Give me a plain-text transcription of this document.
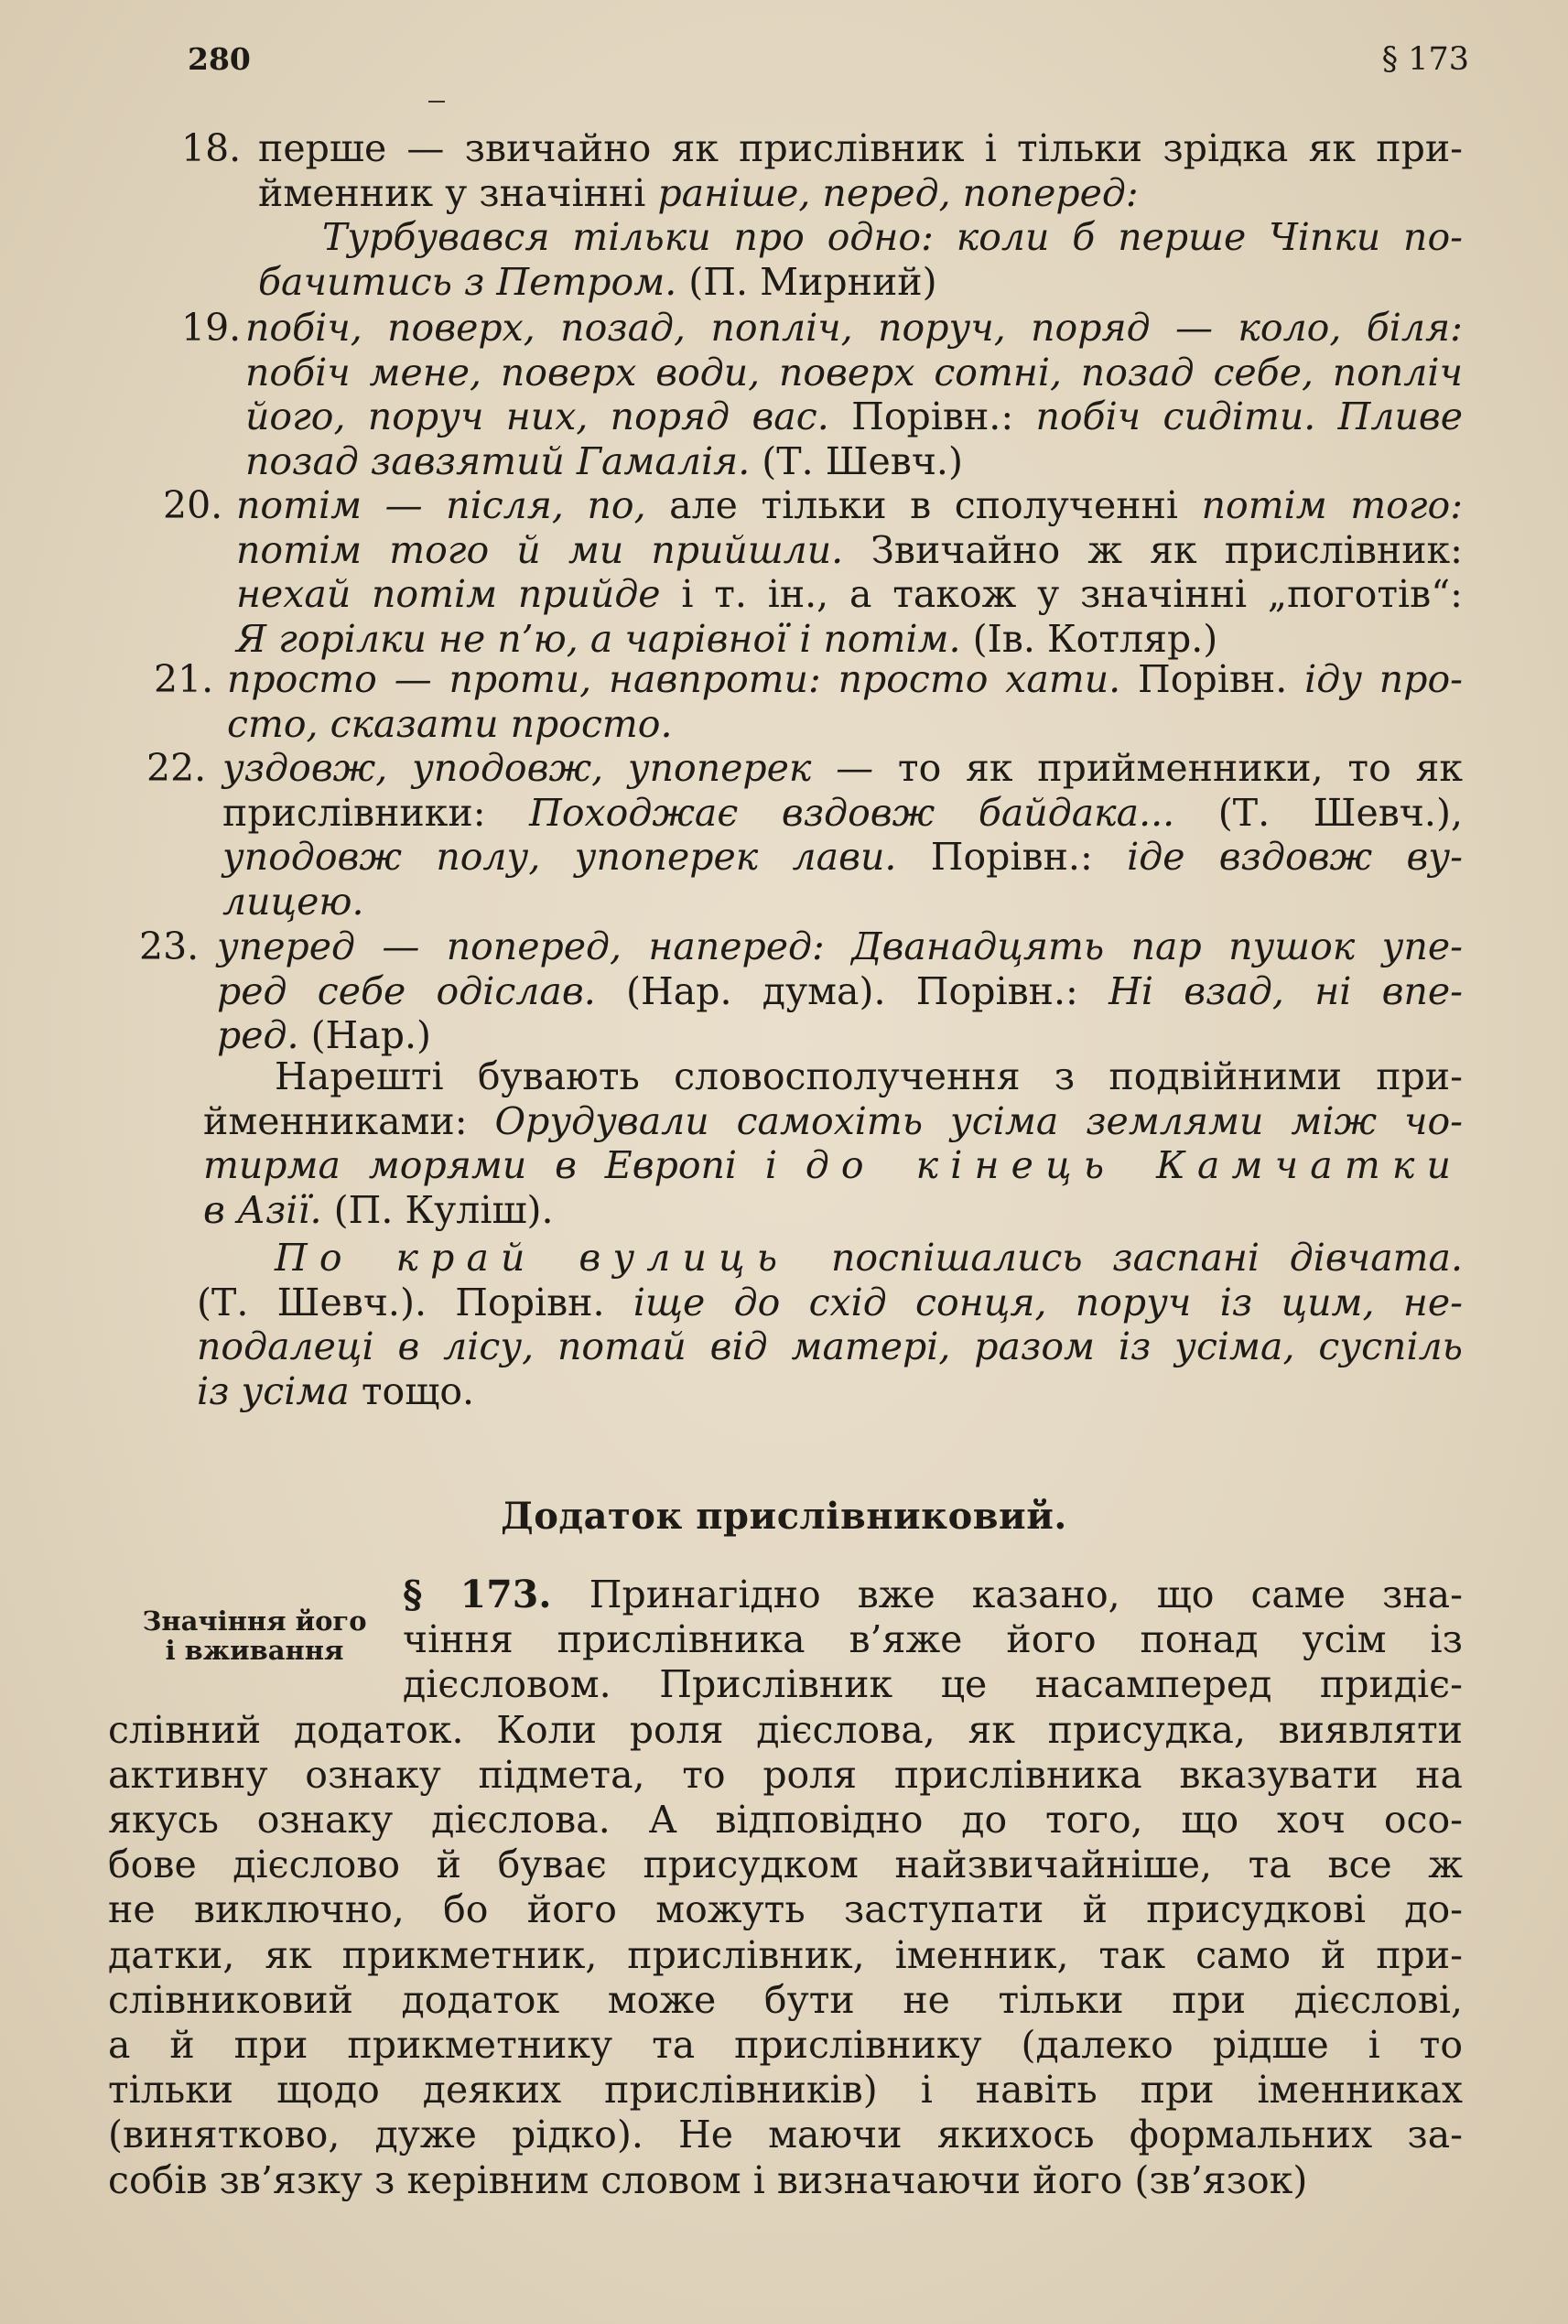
280	§ 173
18. перше — звичайно як прислівник і тільки зрідка як при-
йменник у значінні раніше, перед, поперед:
Турбувався тільки про одно: коли б перше Чіпки по-
бачитись з Петром. (П. Мирний)
19. побіч, поверх, позад, попліч, поруч, поряд — коло, біля:
побіч мене, поверх води, поверх сотні, позад себе, попліч
його, поруч них, поряд вас. Порівн.: побіч сидіти. Пливе
позад завзятий Гамалія. (Т. Шевч.)
20. потім — після, по, але тільки в сполученні потім того:
потім того й ми прийшли. Звичайно ж як прислівник:
нехай потім прийде і т. ін., а також у значінні „поготів“:
Я горілки не п’ю, а чарівної і потім. (Ів. Котляр.)
21. просто — проти, навпроти: просто хати. Порівн. іду про-
сто, сказати просто.
22. уздовж, уподовж, упоперек — то як прийменники, то як
прислівники: Походжає вздовж байдака... (Т. Шевч.),
уподовж полу, упоперек лави. Порівн.: іде вздовж ву-
лицею.
23. уперед — поперед, наперед: Дванадцять пар пушок упе-
ред себе одіслав. (Нар. дума). Порівн.: Ні взад, ні впе-
ред. (Нар.)
Нарешті бувають словосполучення з подвійними при-
йменниками: Орудували самохіть усіма землями між чо-
тирма морями в Европі і до кінець Камчатки
в Азії. (П. Куліш).
По край вулиць поспішались заспані дівчата.
(Т. Шевч.). Порівн. іще до схід сонця, поруч із цим, не-
подалеці в лісу, потай від матері, разом із усіма, суспіль
із усіма тощо.
§ 173. Принагідно вже казано, що саме зна-
чіння прислівника в’яже його понад усім із
дієсловом. Прислівник це насамперед придіє-
слівний додаток. Коли роля дієслова, як присудка, виявляти
активну ознаку підмета, то роля прислівника вказувати на
якусь ознаку дієслова. А відповідно до того, що хоч осо-
бове дієслово й буває присудком найзвичайніше, та все ж
не виключно, бо його можуть заступати й присудкові до-
датки, як прикметник, прислівник, іменник, так само й при-
слівниковий додаток може бути не тільки при дієслові,
а й при прикметнику та прислівнику (далеко рідше і то
тільки щодо деяких прислівників) і навіть при іменниках
(винятково, дуже рідко). Не маючи якихось формальних за-
собів зв’язку з керівним словом і визначаючи його (зв’язок)
Додаток прислівниковий.
Значіння його
і вживання
